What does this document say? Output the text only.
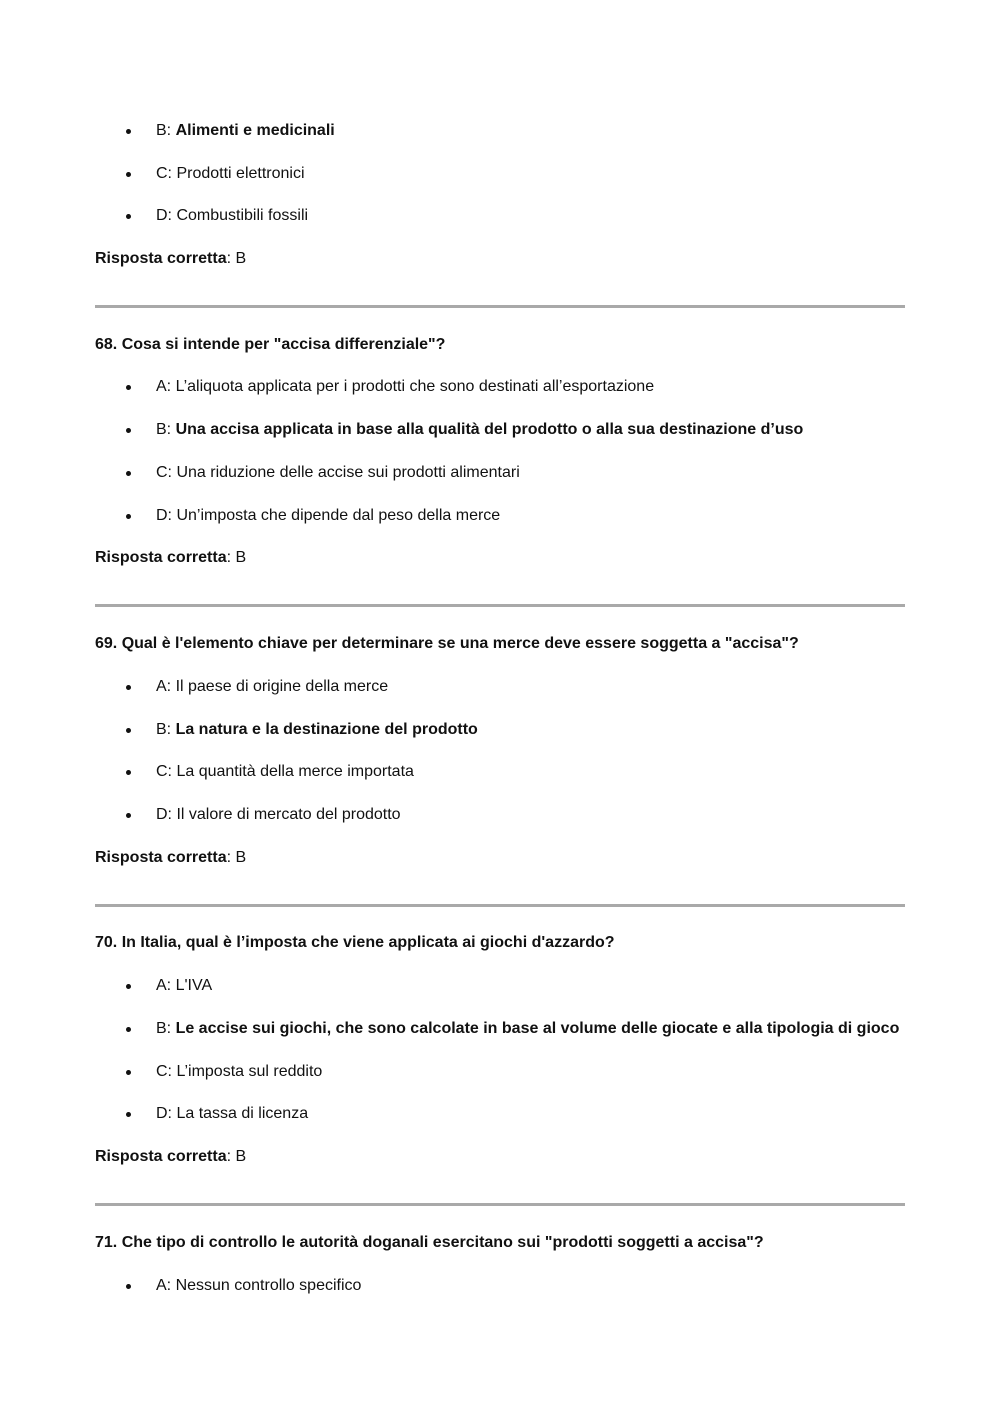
B: Alimenti e medicinali
C: Prodotti elettronici
D: Combustibili fossili
Risposta corretta: B
68. Cosa si intende per "accisa differenziale"?
A: L’aliquota applicata per i prodotti che sono destinati all’esportazione
B: Una accisa applicata in base alla qualità del prodotto o alla sua destinazione d’uso
C: Una riduzione delle accise sui prodotti alimentari
D: Un’imposta che dipende dal peso della merce
Risposta corretta: B
69. Qual è l'elemento chiave per determinare se una merce deve essere soggetta a "accisa"?
A: Il paese di origine della merce
B: La natura e la destinazione del prodotto
C: La quantità della merce importata
D: Il valore di mercato del prodotto
Risposta corretta: B
70. In Italia, qual è l’imposta che viene applicata ai giochi d'azzardo?
A: L'IVA
B: Le accise sui giochi, che sono calcolate in base al volume delle giocate e alla tipologia di gioco
C: L’imposta sul reddito
D: La tassa di licenza
Risposta corretta: B
71. Che tipo di controllo le autorità doganali esercitano sui "prodotti soggetti a accisa"?
A: Nessun controllo specifico
